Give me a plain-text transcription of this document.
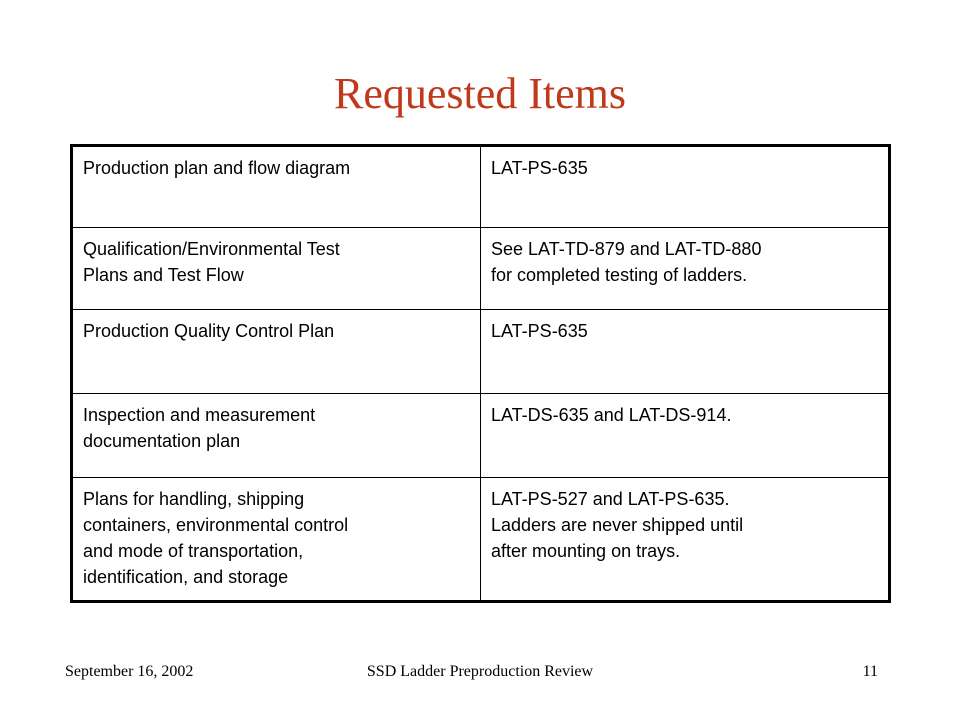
Requested Items
Production plan and flow diagram	LAT-PS-635

Qualification/Environmental Test
Plans and Test Flow	See LAT-TD-879 and LAT-TD-880
for completed testing of ladders.

Production Quality Control Plan	LAT-PS-635

Inspection and measurement
documentation plan	LAT-DS-635 and LAT-DS-914.

Plans for handling, shipping
containers, environmental control
and mode of transportation,
identification, and storage	LAT-PS-527 and LAT-PS-635.
Ladders are never shipped until
after mounting on trays.
September 16, 2002	SSD Ladder Preproduction Review	11
